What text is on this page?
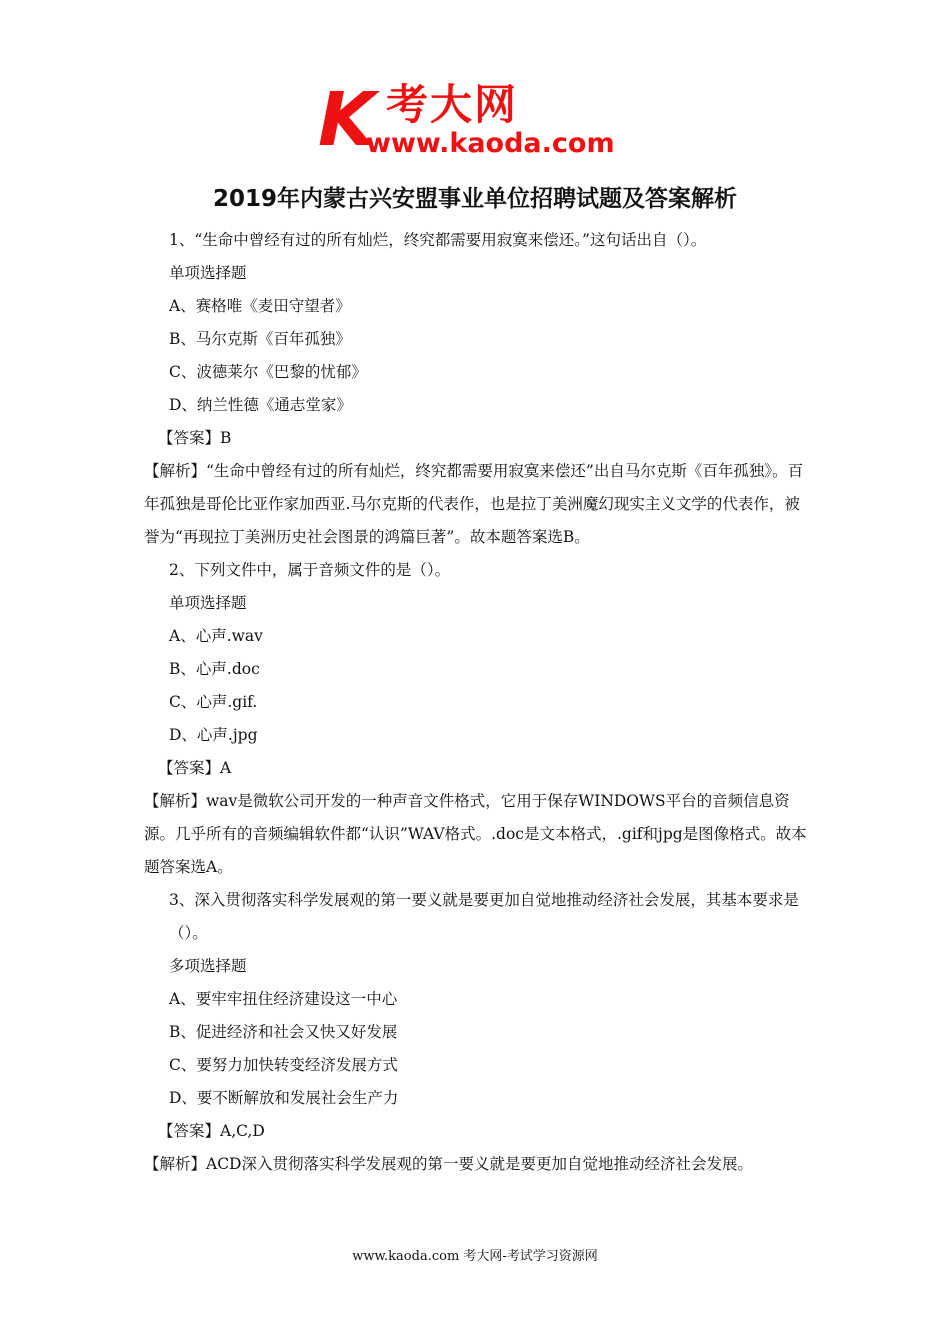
K 考大网
www.kaoda.com
2019年内蒙古兴安盟事业单位招聘试题及答案解析

1、“生命中曾经有过的所有灿烂，终究都需要用寂寞来偿还。”这句话出自（）。

单项选择题

A、赛格唯《麦田守望者》

B、马尔克斯《百年孤独》

C、波德莱尔《巴黎的忧郁》

D、纳兰性德《通志堂家》

【答案】B

【解析】“生命中曾经有过的所有灿烂，终究都需要用寂寞来偿还”出自马尔克斯《百年孤独》。百年孤独是哥伦比亚作家加西亚.马尔克斯的代表作，也是拉丁美洲魔幻现实主义文学的代表作，被誉为“再现拉丁美洲历史社会图景的鸿篇巨著”。故本题答案选B。

2、下列文件中，属于音频文件的是（）。

单项选择题

A、心声.wav

B、心声.doc

C、心声.gif.

D、心声.jpg

【答案】A

【解析】wav是微软公司开发的一种声音文件格式，它用于保存WINDOWS平台的音频信息资源。几乎所有的音频编辑软件都“认识”WAV格式。.doc是文本格式，.gif和jpg是图像格式。故本题答案选A。

3、深入贯彻落实科学发展观的第一要义就是要更加自觉地推动经济社会发展，其基本要求是（）。

多项选择题

A、要牢牢扭住经济建设这一中心

B、促进经济和社会又快又好发展

C、要努力加快转变经济发展方式

D、要不断解放和发展社会生产力

【答案】A,C,D

【解析】ACD深入贯彻落实科学发展观的第一要义就是要更加自觉地推动经济社会发展。

www.kaoda.com 考大网-考试学习资源网
